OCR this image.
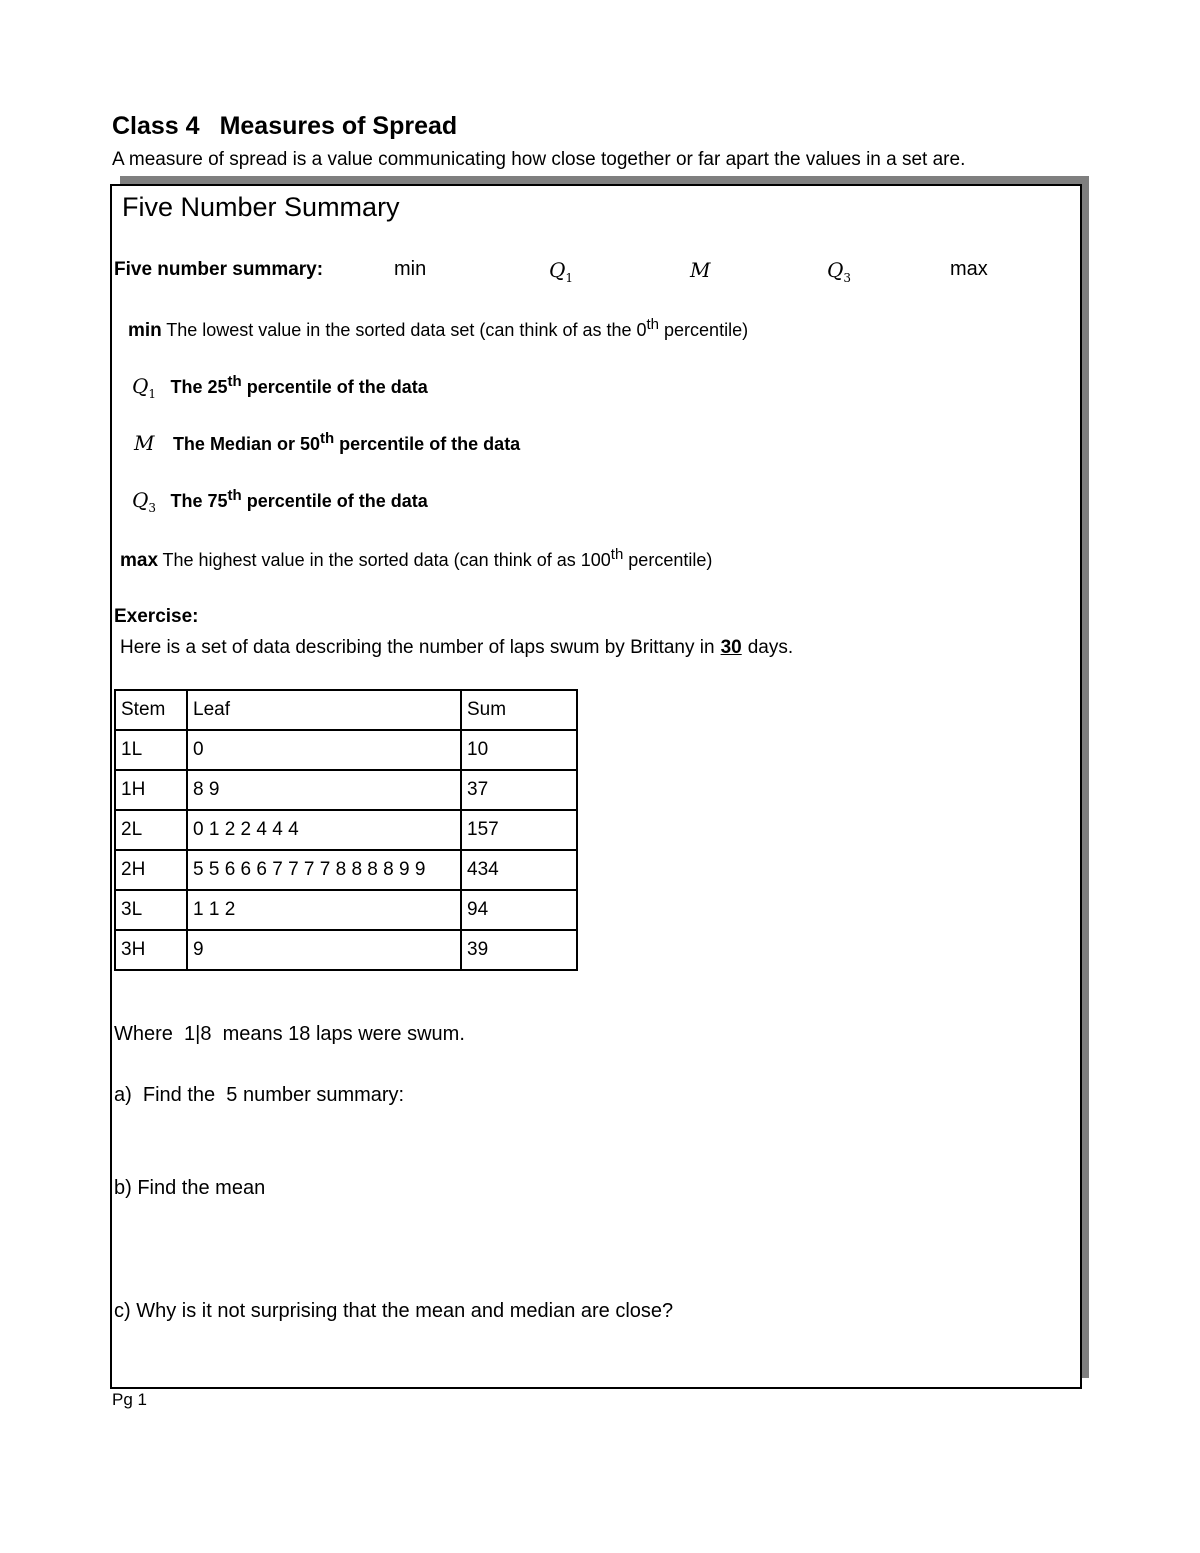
Class 4 Measures of Spread
A measure of spread is a value communicating how close together or far apart the values in a set are.
Five Number Summary
Five number summary:	min	$Q_1$	M	$Q_3$	max
min The lowest value in the sorted data set (can think of as the 0th percentile)
$Q_1$ The 25th percentile of the data
M The Median or 50th percentile of the data
$Q_3$ The 75th percentile of the data
max The highest value in the sorted data (can think of as 100th percentile)
Exercise:
Here is a set of data describing the number of laps swum by Brittany in 30 days.
Stem	Leaf	Sum
1L	0	10
1H	8 9	37
2L	0 1 2 2 4 4 4	157
2H	5 5 6 6 6 7 7 7 7 8 8 8 8 9 9	434
3L	1 1 2	94
3H	9	39
Where  1|8  means 18 laps were swum.
a)  Find the  5 number summary:
b) Find the mean
c) Why is it not surprising that the mean and median are close?
Pg 1
